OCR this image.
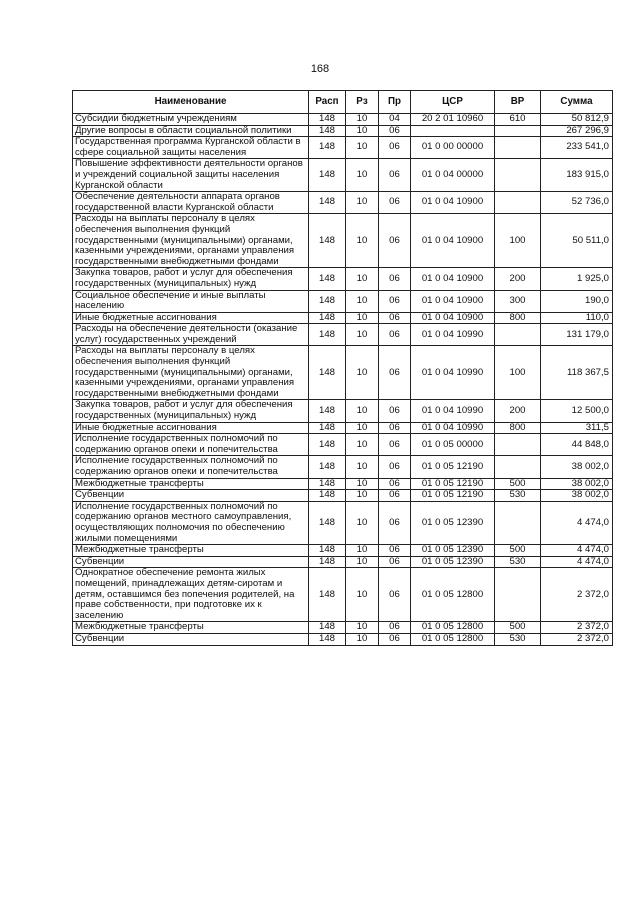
168
Наименование	Расп	Рз	Пр	ЦСР	ВР	Сумма
Субсидии бюджетным учреждениям	148	10	04	20 2 01 10960	610	50 812,9
Другие вопросы в области социальной политики	148	10	06			267 296,9
Государственная программа Курганской области в сфере социальной защиты населения	148	10	06	01 0 00 00000		233 541,0
Повышение эффективности деятельности органов и учреждений социальной защиты населения Курганской области	148	10	06	01 0 04 00000		183 915,0
Обеспечение деятельности аппарата органов государственной власти Курганской области	148	10	06	01 0 04 10900		52 736,0
Расходы на выплаты персоналу в целях обеспечения выполнения функций государственными (муниципальными) органами, казенными учреждениями, органами управления государственными внебюджетными фондами	148	10	06	01 0 04 10900	100	50 511,0
Закупка товаров, работ и услуг для обеспечения государственных (муниципальных) нужд	148	10	06	01 0 04 10900	200	1 925,0
Социальное обеспечение и иные выплаты населению	148	10	06	01 0 04 10900	300	190,0
Иные бюджетные ассигнования	148	10	06	01 0 04 10900	800	110,0
Расходы на обеспечение деятельности (оказание услуг) государственных учреждений	148	10	06	01 0 04 10990		131 179,0
Расходы на выплаты персоналу в целях обеспечения выполнения функций государственными (муниципальными) органами, казенными учреждениями, органами управления государственными внебюджетными фондами	148	10	06	01 0 04 10990	100	118 367,5
Закупка товаров, работ и услуг для обеспечения государственных (муниципальных) нужд	148	10	06	01 0 04 10990	200	12 500,0
Иные бюджетные ассигнования	148	10	06	01 0 04 10990	800	311,5
Исполнение государственных полномочий по содержанию органов опеки и попечительства	148	10	06	01 0 05 00000		44 848,0
Исполнение государственных полномочий по содержанию органов опеки и попечительства	148	10	06	01 0 05 12190		38 002,0
Межбюджетные трансферты	148	10	06	01 0 05 12190	500	38 002,0
Субвенции	148	10	06	01 0 05 12190	530	38 002,0
Исполнение государственных полномочий по содержанию органов местного самоуправления, осуществляющих полномочия по обеспечению жилыми помещениями	148	10	06	01 0 05 12390		4 474,0
Межбюджетные трансферты	148	10	06	01 0 05 12390	500	4 474,0
Субвенции	148	10	06	01 0 05 12390	530	4 474,0
Однократное обеспечение ремонта жилых помещений, принадлежащих детям-сиротам и детям, оставшимся без попечения родителей, на праве собственности, при подготовке их к заселению	148	10	06	01 0 05 12800		2 372,0
Межбюджетные трансферты	148	10	06	01 0 05 12800	500	2 372,0
Субвенции	148	10	06	01 0 05 12800	530	2 372,0
